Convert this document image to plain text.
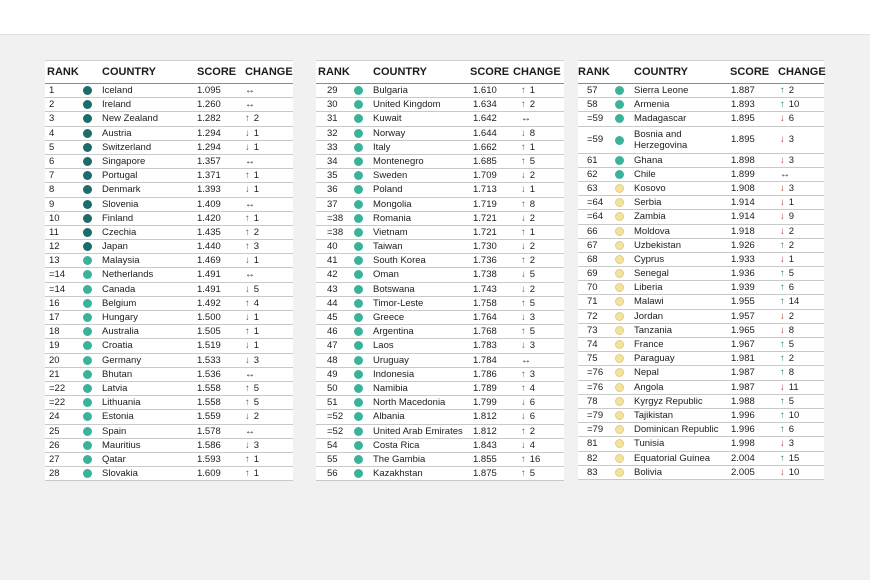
RANK COUNTRY	SCORE CHANGE
1	Iceland	1.095 ↔
2	Ireland	1.260 ↔
3	New Zealand	1.282	↑ 2
4	Austria	1.294	↓ 1
5	Switzerland	1.294	↓ 1
6	Singapore	1.357 ↔
7	Portugal	1.371	↑ 1
8	Denmark	1.393	↓ 1
9	Slovenia	1.409 ↔
10	Finland	1.420	↑ 1
11	Czechia	1.435	↑ 2
12	Japan	1.440	↑ 3
13	Malaysia	1.469	↓ 1
=14	Netherlands	1.491 ↔
=14	Canada	1.491	↓ 5
16	Belgium	1.492	↑ 4
17	Hungary	1.500	↓ 1
18	Australia	1.505	↑ 1
19	Croatia	1.519	↓ 1
20	Germany	1.533	↓ 3
21	Bhutan	1.536 ↔
=22	Latvia	1.558	↑ 5
=22	Lithuania	1.558	↑ 5
24	Estonia	1.559	↓ 2
25	Spain	1.578 ↔
26	Mauritius	1.586	↓ 3
27	Qatar	1.593	↑ 1
28	Slovakia	1.609	↑ 1
RANK COUNTRY	SCORE CHANGE
29	Bulgaria	1.610	↑ 1
30	United Kingdom	1.634	↑ 2
31	Kuwait	1.642 ↔
32	Norway	1.644	↓ 8
33	Italy	1.662	↑ 1
34	Montenegro	1.685	↑ 5
35	Sweden	1.709	↓ 2
36	Poland	1.713	↓ 1
37	Mongolia	1.719	↑ 8
=38	Romania	1.721	↓ 2
=38	Vietnam	1.721	↑ 1
40	Taiwan	1.730	↓ 2
41	South Korea	1.736	↑ 2
42	Oman	1.738	↓ 5
43	Botswana	1.743	↓ 2
44	Timor-Leste	1.758	↑ 5
45	Greece	1.764	↓ 3
46	Argentina	1.768	↑ 5
47	Laos	1.783	↓ 3
48	Uruguay	1.784 ↔
49	Indonesia	1.786	↑ 3
50	Namibia	1.789	↑ 4
51	North Macedonia	1.799	↓ 6
=52	Albania	1.812	↓ 6
=52	United Arab Emirates 1.812	↑ 2
54	Costa Rica	1.843	↓ 4
55	The Gambia	1.855	↑ 16
56	Kazakhstan	1.875	↑ 5
RANK COUNTRY	SCORE CHANGE
57	Sierra Leone	1.887	↑ 2
58	Armenia	1.893	↑ 10
=59	Madagascar	1.895	↓ 6
=59	Bosnia and Herzegovina
1.895	↓ 3
61	Ghana	1.898	↓ 3
62	Chile	1.899	↔
63	Kosovo	1.908	↓ 3
=64	Serbia	1.914	↓ 1
=64	Zambia	1.914	↓ 9
66	Moldova	1.918	↓ 2
67	Uzbekistan	1.926	↑ 2
68	Cyprus	1.933	↓ 1
69	Senegal	1.936	↑ 5
70	Liberia	1.939	↑ 6
71	Malawi	1.955	↑ 14
72	Jordan	1.957	↓ 2
73	Tanzania	1.965	↓ 8
74	France	1.967	↑ 5
75	Paraguay	1.981	↑ 2
=76	Nepal	1.987	↑ 8
=76	Angola	1.987	↓ 11
78	Kyrgyz Republic	1.988	↑ 5
=79	Tajikistan	1.996	↑ 10
=79	Dominican Republic 1.996	↑ 6
81	Tunisia	1.998	↓ 3
82	Equatorial Guinea 2.004	↑ 15
83	Bolivia	2.005	↓ 10
